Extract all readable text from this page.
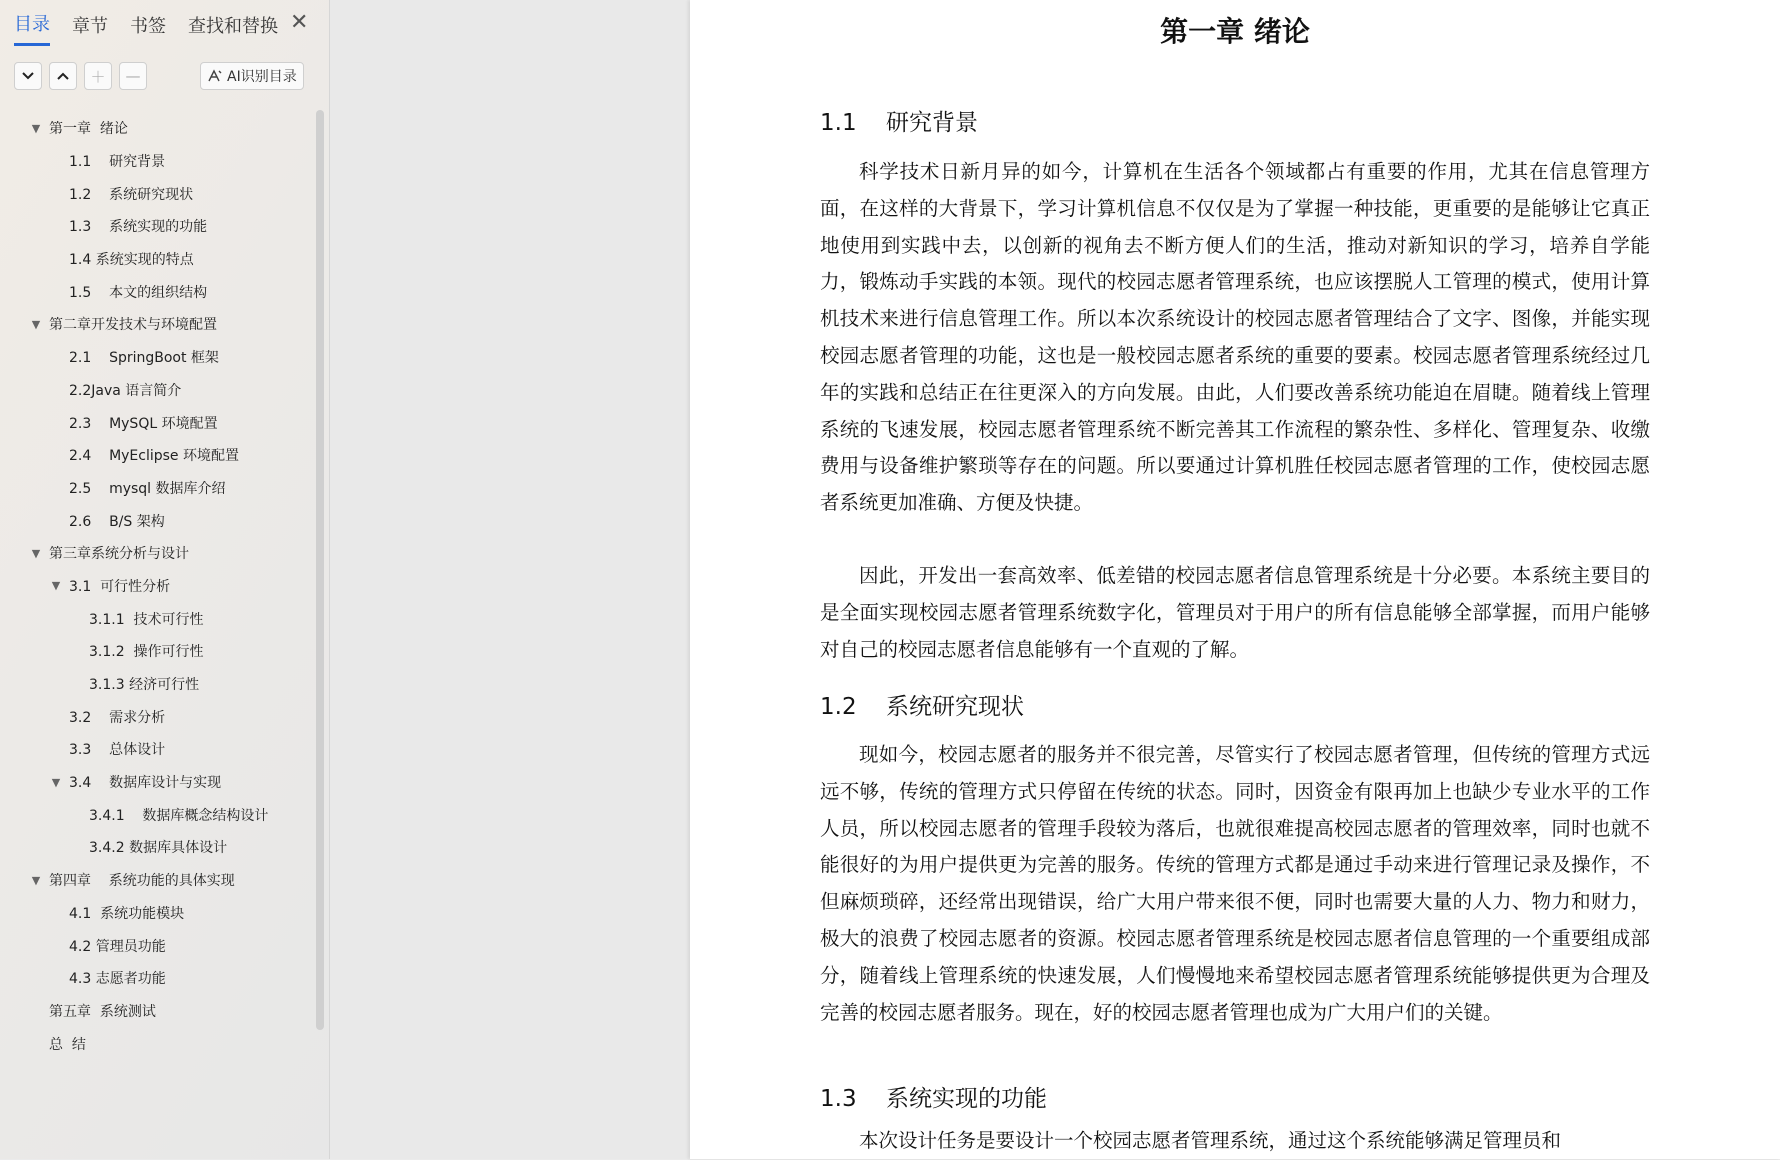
目录 章节 书签 查找和替换 ✕
＋ —	AI识别目录
▼ 第一章  绪论
1.1    研究背景
1.2    系统研究现状
1.3    系统实现的功能
1.4 系统实现的特点
1.5    本文的组织结构
▼ 第二章开发技术与环境配置
2.1    SpringBoot 框架
2.2Java 语言简介
2.3    MySQL 环境配置
2.4    MyEclipse 环境配置
2.5    mysql 数据库介绍
2.6    B/S 架构
▼ 第三章系统分析与设计
▼ 3.1  可行性分析
3.1.1  技术可行性
3.1.2  操作可行性
3.1.3 经济可行性
3.2    需求分析
3.3    总体设计
▼ 3.4    数据库设计与实现
3.4.1    数据库概念结构设计
3.4.2 数据库具体设计
▼ 第四章    系统功能的具体实现
4.1  系统功能模块
4.2 管理员功能
4.3 志愿者功能
第五章  系统测试
总  结
第一章 绪论
1.1 研究背景

科学技术日新月异的如今，计算机在生活各个领域都占有重要的作用，尤其在信息管理方面，在这样的大背景下，学习计算机信息不仅仅是为了掌握一种技能，更重要的是能够让它真正地使用到实践中去，以创新的视角去不断方便人们的生活，推动对新知识的学习，培养自学能力，锻炼动手实践的本领。现代的校园志愿者管理系统，也应该摆脱人工管理的模式，使用计算机技术来进行信息管理工作。所以本次系统设计的校园志愿者管理结合了文字、图像，并能实现校园志愿者管理的功能，这也是一般校园志愿者系统的重要的要素。校园志愿者管理系统经过几年的实践和总结正在往更深入的方向发展。由此，人们要改善系统功能迫在眉睫。随着线上管理系统的飞速发展，校园志愿者管理系统不断完善其工作流程的繁杂性、多样化、管理复杂、收缴费用与设备维护繁琐等存在的问题。所以要通过计算机胜任校园志愿者管理的工作，使校园志愿者系统更加准确、方便及快捷。

因此，开发出一套高效率、低差错的校园志愿者信息管理系统是十分必要。本系统主要目的是全面实现校园志愿者管理系统数字化，管理员对于用户的所有信息能够全部掌握，而用户能够对自己的校园志愿者信息能够有一个直观的了解。

1.2 系统研究现状

现如今，校园志愿者的服务并不很完善，尽管实行了校园志愿者管理，但传统的管理方式远远不够，传统的管理方式只停留在传统的状态。同时，因资金有限再加上也缺少专业水平的工作人员，所以校园志愿者的管理手段较为落后，也就很难提高校园志愿者的管理效率，同时也就不能很好的为用户提供更为完善的服务。传统的管理方式都是通过手动来进行管理记录及操作，不但麻烦琐碎，还经常出现错误，给广大用户带来很不便，同时也需要大量的人力、物力和财力，极大的浪费了校园志愿者的资源。校园志愿者管理系统是校园志愿者信息管理的一个重要组成部分，随着线上管理系统的快速发展，人们慢慢地来希望校园志愿者管理系统能够提供更为合理及完善的校园志愿者服务。现在，好的校园志愿者管理也成为广大用户们的关键。

1.3 系统实现的功能

本次设计任务是要设计一个校园志愿者管理系统，通过这个系统能够满足管理员和
